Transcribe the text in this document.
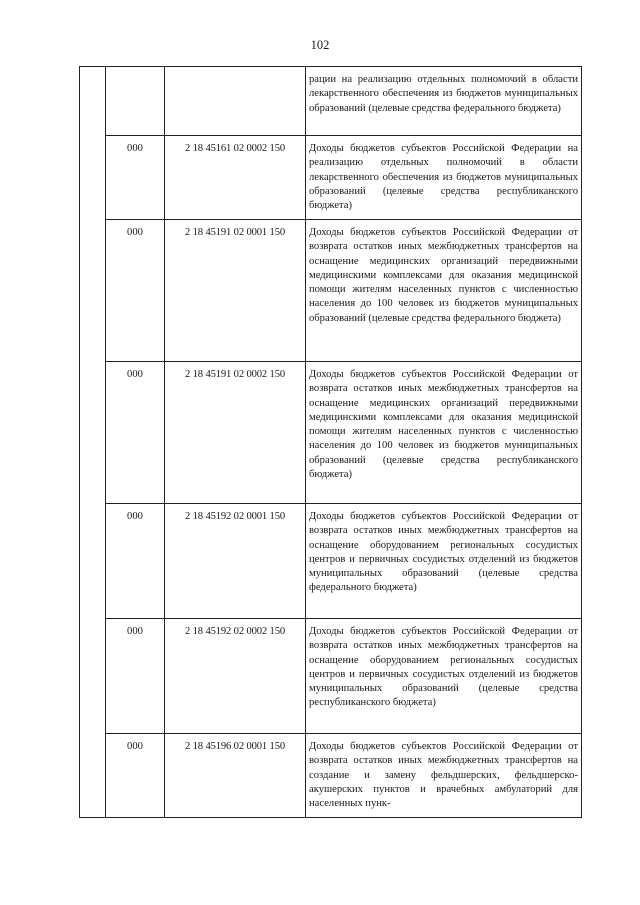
102
			рации на реализацию отдельных полномочий в области лекарственного обеспечения из бюджетов муниципальных образований (целевые средства федерального бюджета)
	000	2 18 45161 02 0002 150	Доходы бюджетов субъектов Российской Федерации на реализацию отдельных полномочий в области лекарственного обеспечения из бюджетов муниципальных образований (целевые средства республиканского бюджета)
	000	2 18 45191 02 0001 150	Доходы бюджетов субъектов Российской Федерации от возврата остатков иных межбюджетных трансфертов на оснащение медицинских организаций передвижными медицинскими комплексами для оказания медицинской помощи жителям населенных пунктов с численностью населения до 100 человек из бюджетов муниципальных образований (целевые средства федерального бюджета)
	000	2 18 45191 02 0002 150	Доходы бюджетов субъектов Российской Федерации от возврата остатков иных межбюджетных трансфертов на оснащение медицинских организаций передвижными медицинскими комплексами для оказания медицинской помощи жителям населенных пунктов с численностью населения до 100 человек из бюджетов муниципальных образований (целевые средства республиканского бюджета)
	000	2 18 45192 02 0001 150	Доходы бюджетов субъектов Российской Федерации от возврата остатков иных межбюджетных трансфертов на оснащение оборудованием региональных сосудистых центров и первичных сосудистых отделений из бюджетов муниципальных образований (целевые средства федерального бюджета)
	000	2 18 45192 02 0002 150	Доходы бюджетов субъектов Российской Федерации от возврата остатков иных межбюджетных трансфертов на оснащение оборудованием региональных сосудистых центров и первичных сосудистых отделений из бюджетов муниципальных образований (целевые средства республиканского бюджета)
	000	2 18 45196 02 0001 150	Доходы бюджетов субъектов Российской Федерации от возврата остатков иных межбюджетных трансфертов на создание и замену фельдшерских, фельдшерско-акушерских пунктов и врачебных амбулаторий для населенных пунк-
